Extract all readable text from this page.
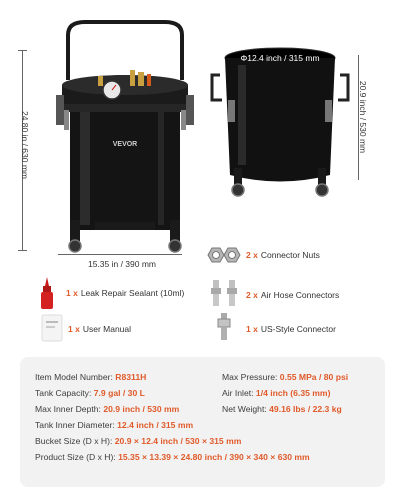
VEVOR
24.80 in / 630 mm
15.35 in / 390 mm
Φ12.4 inch / 315 mm
20.9 inch / 530 mm
2 x Connector Nuts
1 x Leak Repair Sealant (10ml)	2 x Air Hose Connectors
1 x User Manual	1 x US-Style Connector
Item Model Number: R8311H	Max Pressure: 0.55 MPa / 80 psi
Tank Capacity: 7.9 gal / 30 L	Air Inlet: 1/4 inch (6.35 mm)
Max Inner Depth: 20.9 inch / 530 mm	Net Weight: 49.16 lbs / 22.3 kg
Tank Inner Diameter: 12.4 inch / 315 mm
Bucket Size (D x H): 20.9 × 12.4 inch / 530 × 315 mm
Product Size (D x H): 15.35 × 13.39 × 24.80 inch / 390 × 340 × 630 mm
